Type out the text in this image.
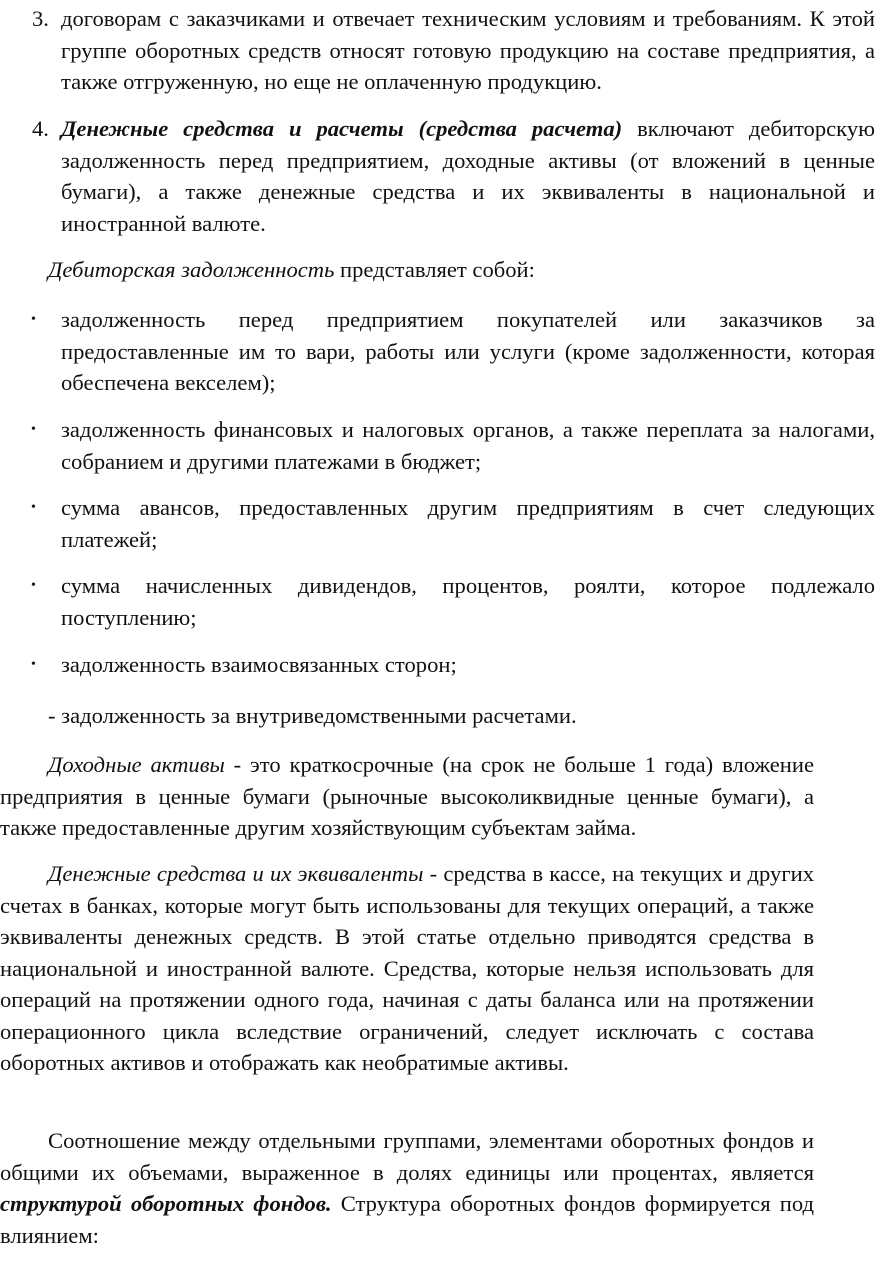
3. договорам с заказчиками и отвечает техническим условиям и требованиям. К этой группе оборотных средств относят готовую продукцию на составе предприятия, а также отгруженную, но еще не оплаченную продукцию.
4. Денежные средства и расчеты (средства расчета) включают дебиторскую задолженность перед предприятием, доходные активы (от вложений в ценные бумаги), а также денежные средства и их эквиваленты в национальной и иностранной валюте.
Дебиторская задолженность представляет собой:
• задолженность перед предприятием покупателей или заказчиков за предоставленные им то вари, работы или услуги (кроме задолженности, которая обеспечена векселем);
• задолженность финансовых и налоговых органов, а также переплата за налогами, собранием и другими платежами в бюджет;
• сумма авансов, предоставленных другим предприятиям в счет следующих платежей;
• сумма начисленных дивидендов, процентов, роялти, которое подлежало поступлению;
• задолженность взаимосвязанных сторон;
- задолженность за внутриведомственными расчетами.
Доходные активы - это краткосрочные (на срок не больше 1 года) вложение предприятия в ценные бумаги (рыночные высоколиквидные ценные бумаги), а также предоставленные другим хозяйствующим субъектам займа.
Денежные средства и их эквиваленты - средства в кассе, на текущих и других счетах в банках, которые могут быть использованы для текущих операций, а также эквиваленты денежных средств. В этой статье отдельно приводятся средства в национальной и иностранной валюте. Средства, которые нельзя использовать для операций на протяжении одного года, начиная с даты баланса или на протяжении операционного цикла вследствие ограничений, следует исключать с состава оборотных активов и отображать как необратимые активы.
Соотношение между отдельными группами, элементами оборотных фондов и общими их объемами, выраженное в долях единицы или процентах, является структурой оборотных фондов. Структура оборотных фондов формируется под влиянием:
